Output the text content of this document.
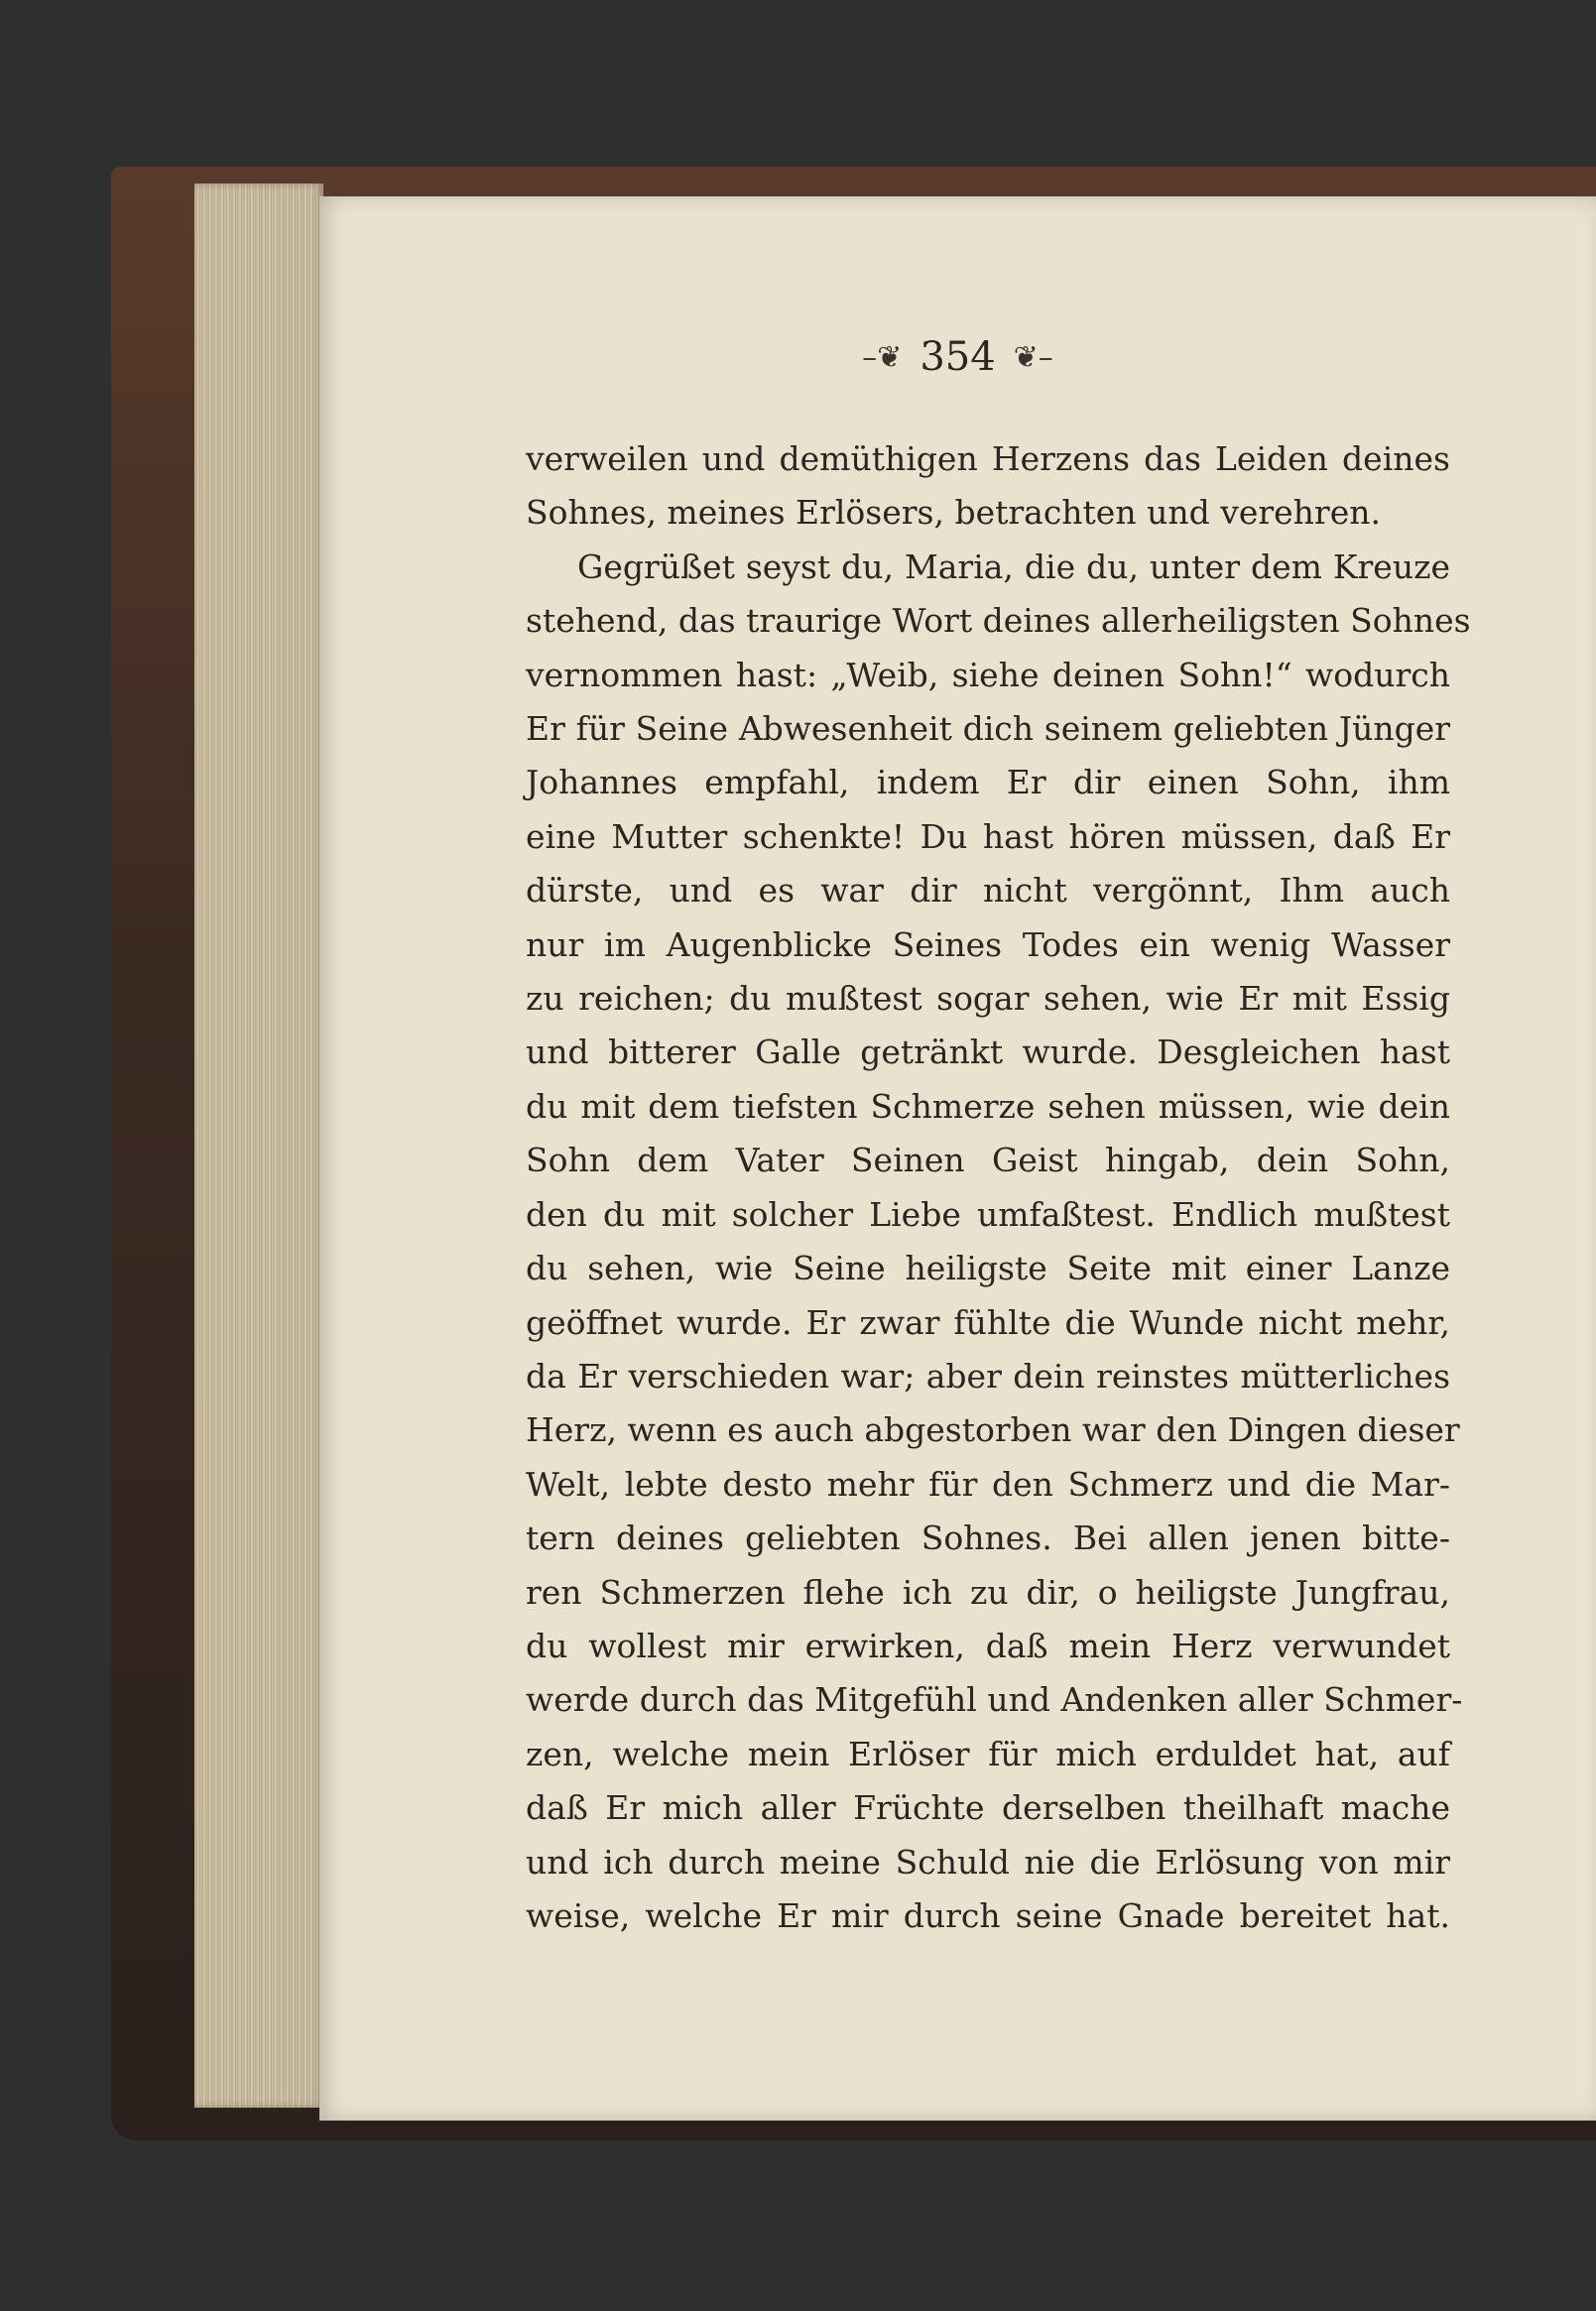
–❦ 354 ❦–
verweilen und demüthigen Herzens das Leiden deines
Sohnes, meines Erlösers, betrachten und verehren.
Gegrüßet seyst du, Maria, die du, unter dem Kreuze
stehend, das traurige Wort deines allerheiligsten Sohnes
vernommen hast: „Weib, siehe deinen Sohn!“ wodurch
Er für Seine Abwesenheit dich seinem geliebten Jünger
Johannes empfahl, indem Er dir einen Sohn, ihm
eine Mutter schenkte! Du hast hören müssen, daß Er
dürste, und es war dir nicht vergönnt, Ihm auch
nur im Augenblicke Seines Todes ein wenig Wasser
zu reichen; du mußtest sogar sehen, wie Er mit Essig
und bitterer Galle getränkt wurde. Desgleichen hast
du mit dem tiefsten Schmerze sehen müssen, wie dein
Sohn dem Vater Seinen Geist hingab, dein Sohn,
den du mit solcher Liebe umfaßtest. Endlich mußtest
du sehen, wie Seine heiligste Seite mit einer Lanze
geöffnet wurde. Er zwar fühlte die Wunde nicht mehr,
da Er verschieden war; aber dein reinstes mütterliches
Herz, wenn es auch abgestorben war den Dingen dieser
Welt, lebte desto mehr für den Schmerz und die Mar-
tern deines geliebten Sohnes. Bei allen jenen bitte-
ren Schmerzen flehe ich zu dir, o heiligste Jungfrau,
du wollest mir erwirken, daß mein Herz verwundet
werde durch das Mitgefühl und Andenken aller Schmer-
zen, welche mein Erlöser für mich erduldet hat, auf
daß Er mich aller Früchte derselben theilhaft mache
und ich durch meine Schuld nie die Erlösung von mir
weise, welche Er mir durch seine Gnade bereitet hat.
